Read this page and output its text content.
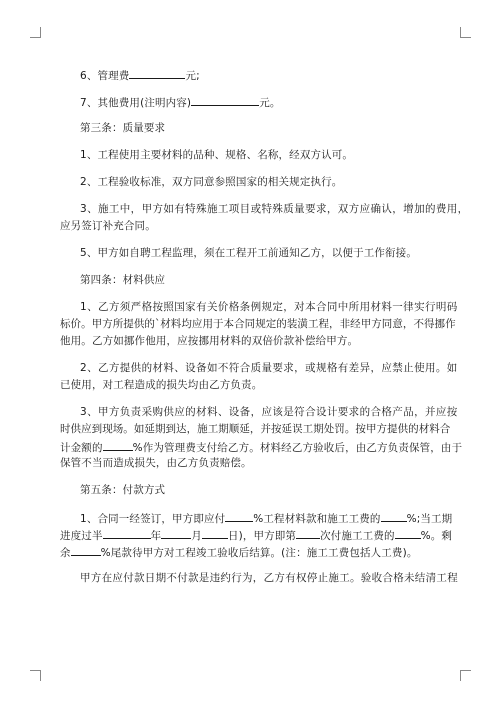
6、管理费	元;
7、其他费用(注明内容)	元。
第三条：质量要求
1、工程使用主要材料的品种、规格、名称，经双方认可。
2、工程验收标准，双方同意参照国家的相关规定执行。
3、施工中，甲方如有特殊施工项目或特殊质量要求，双方应确认，增加的费用，
应另签订补充合同。
5、甲方如自聘工程监理，须在工程开工前通知乙方，以便于工作衔接。
第四条：材料供应
1、乙方须严格按照国家有关价格条例规定，对本合同中所用材料一律实行明码
标价。甲方所提供的`材料均应用于本合同规定的装潢工程，非经甲方同意，不得挪作
他用。乙方如挪作他用，应按挪用材料的双倍价款补偿给甲方。
2、乙方提供的材料、设备如不符合质量要求，或规格有差异，应禁止使用。如
已使用，对工程造成的损失均由乙方负责。
3、甲方负责采购供应的材料、设备，应该是符合设计要求的合格产品，并应按
时供应到现场。如延期到达，施工期顺延，并按延误工期处罚。按甲方提供的材料合
计金额的	%作为管理费支付给乙方。材料经乙方验收后，由乙方负责保管，由于
保管不当而造成损失，由乙方负责赔偿。
第五条：付款方式
1、合同一经签订，甲方即应付	%工程材料款和施工工费的 %;当工期
进度过半	年	月 日)，甲方即第 次付施工工费的 %。剩
余	%尾款待甲方对工程竣工验收后结算。(注：施工工费包括人工费)。
甲方在应付款日期不付款是违约行为，乙方有权停止施工。验收合格未结清工程
